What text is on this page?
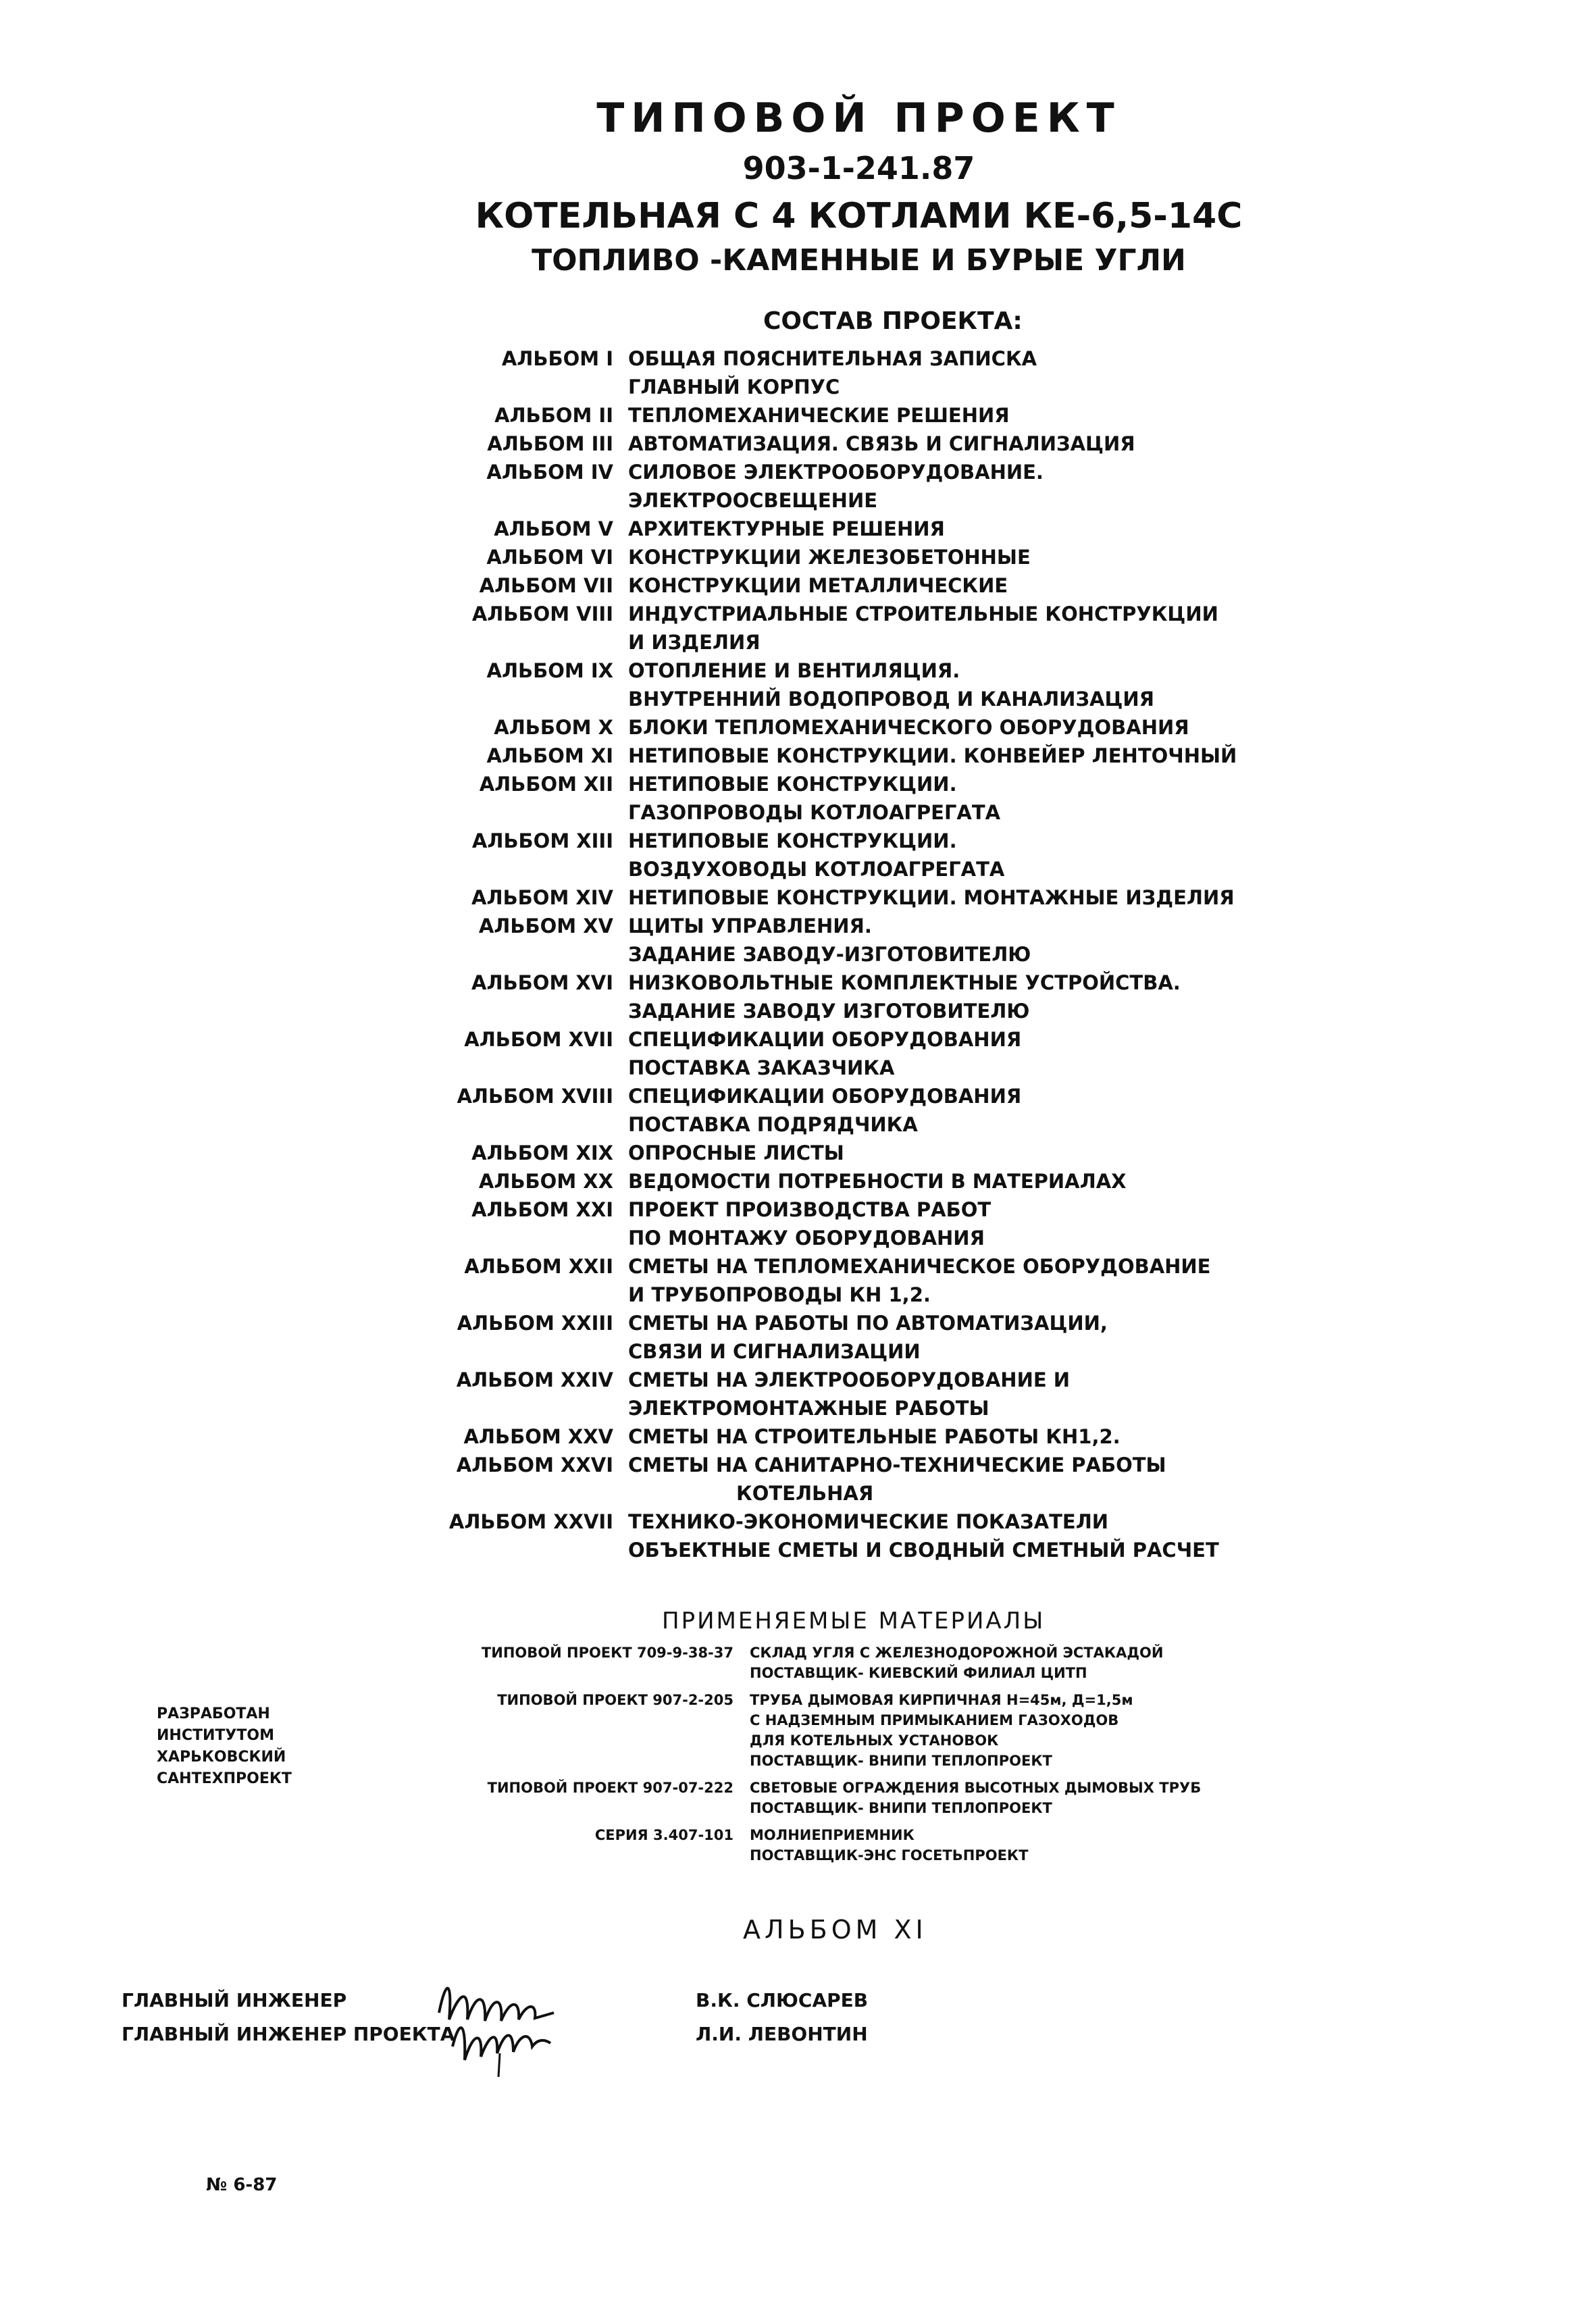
ТИПОВОЙ ПРОЕКТ
903-1-241.87
КОТЕЛЬНАЯ С 4 КОТЛАМИ КЕ-6,5-14С
ТОПЛИВО -КАМЕННЫЕ И БУРЫЕ УГЛИ
СОСТАВ ПРОЕКТА:
АЛЬБОМ I ОБЩАЯ ПОЯСНИТЕЛЬНАЯ ЗАПИСКА
ГЛАВНЫЙ КОРПУС
АЛЬБОМ II ТЕПЛОМЕХАНИЧЕСКИЕ РЕШЕНИЯ
АЛЬБОМ III АВТОМАТИЗАЦИЯ. СВЯЗЬ И СИГНАЛИЗАЦИЯ
АЛЬБОМ IV СИЛОВОЕ ЭЛЕКТРООБОРУДОВАНИЕ.
ЭЛЕКТРООСВЕЩЕНИЕ
АЛЬБОМ V АРХИТЕКТУРНЫЕ РЕШЕНИЯ
АЛЬБОМ VI КОНСТРУКЦИИ ЖЕЛЕЗОБЕТОННЫЕ
АЛЬБОМ VII КОНСТРУКЦИИ МЕТАЛЛИЧЕСКИЕ
АЛЬБОМ VIII ИНДУСТРИАЛЬНЫЕ СТРОИТЕЛЬНЫЕ КОНСТРУКЦИИ
И ИЗДЕЛИЯ
АЛЬБОМ IX ОТОПЛЕНИЕ И ВЕНТИЛЯЦИЯ.
ВНУТРЕННИЙ ВОДОПРОВОД И КАНАЛИЗАЦИЯ
АЛЬБОМ X БЛОКИ ТЕПЛОМЕХАНИЧЕСКОГО ОБОРУДОВАНИЯ
АЛЬБОМ XI НЕТИПОВЫЕ КОНСТРУКЦИИ. КОНВЕЙЕР ЛЕНТОЧНЫЙ
АЛЬБОМ XII НЕТИПОВЫЕ КОНСТРУКЦИИ.
ГАЗОПРОВОДЫ КОТЛОАГРЕГАТА
АЛЬБОМ XIII НЕТИПОВЫЕ КОНСТРУКЦИИ.
ВОЗДУХОВОДЫ КОТЛОАГРЕГАТА
АЛЬБОМ XIV НЕТИПОВЫЕ КОНСТРУКЦИИ. МОНТАЖНЫЕ ИЗДЕЛИЯ
АЛЬБОМ XV ЩИТЫ УПРАВЛЕНИЯ.
ЗАДАНИЕ ЗАВОДУ-ИЗГОТОВИТЕЛЮ
АЛЬБОМ XVI НИЗКОВОЛЬТНЫЕ КОМПЛЕКТНЫЕ УСТРОЙСТВА.
ЗАДАНИЕ ЗАВОДУ ИЗГОТОВИТЕЛЮ
АЛЬБОМ XVII СПЕЦИФИКАЦИИ ОБОРУДОВАНИЯ
ПОСТАВКА ЗАКАЗЧИКА
АЛЬБОМ XVIII СПЕЦИФИКАЦИИ ОБОРУДОВАНИЯ
ПОСТАВКА ПОДРЯДЧИКА
АЛЬБОМ XIX ОПРОСНЫЕ ЛИСТЫ
АЛЬБОМ XX ВЕДОМОСТИ ПОТРЕБНОСТИ В МАТЕРИАЛАХ
АЛЬБОМ XXI ПРОЕКТ ПРОИЗВОДСТВА РАБОТ
ПО МОНТАЖУ ОБОРУДОВАНИЯ
АЛЬБОМ XXII СМЕТЫ НА ТЕПЛОМЕХАНИЧЕСКОЕ ОБОРУДОВАНИЕ
И ТРУБОПРОВОДЫ КН 1,2.
АЛЬБОМ XXIII СМЕТЫ НА РАБОТЫ ПО АВТОМАТИЗАЦИИ,
СВЯЗИ И СИГНАЛИЗАЦИИ
АЛЬБОМ XXIV СМЕТЫ НА ЭЛЕКТРООБОРУДОВАНИЕ И
ЭЛЕКТРОМОНТАЖНЫЕ РАБОТЫ
АЛЬБОМ XXV СМЕТЫ НА СТРОИТЕЛЬНЫЕ РАБОТЫ КН1,2.
АЛЬБОМ XXVI СМЕТЫ НА САНИТАРНО-ТЕХНИЧЕСКИЕ РАБОТЫ
КОТЕЛЬНАЯ
АЛЬБОМ XXVII ТЕХНИКО-ЭКОНОМИЧЕСКИЕ ПОКАЗАТЕЛИ
ОБЪЕКТНЫЕ СМЕТЫ И СВОДНЫЙ СМЕТНЫЙ РАСЧЕТ
ПРИМЕНЯЕМЫЕ МАТЕРИАЛЫ
ТИПОВОЙ ПРОЕКТ 709-9-38-37	СКЛАД УГЛЯ С ЖЕЛЕЗНОДОРОЖНОЙ ЭСТАКАДОЙ
ПОСТАВЩИК- КИЕВСКИЙ ФИЛИАЛ ЦИТП
ТИПОВОЙ ПРОЕКТ 907-2-205	ТРУБА ДЫМОВАЯ КИРПИЧНАЯ Н=45м, Д=1,5м
С НАДЗЕМНЫМ ПРИМЫКАНИЕМ ГАЗОХОДОВ
ДЛЯ КОТЕЛЬНЫХ УСТАНОВОК
ПОСТАВЩИК- ВНИПИ ТЕПЛОПРОЕКТ
ТИПОВОЙ ПРОЕКТ 907-07-222	СВЕТОВЫЕ ОГРАЖДЕНИЯ ВЫСОТНЫХ ДЫМОВЫХ ТРУБ
ПОСТАВЩИК- ВНИПИ ТЕПЛОПРОЕКТ
СЕРИЯ 3.407-101	МОЛНИЕПРИЕМНИК
ПОСТАВЩИК-ЭНС ГОСЕТЬПРОЕКТ
РАЗРАБОТАН
ИНСТИТУТОМ
ХАРЬКОВСКИЙ
САНТЕХПРОЕКТ
АЛЬБОМ XI
ГЛАВНЫЙ ИНЖЕНЕР	В.К. СЛЮСАРЕВ
ГЛАВНЫЙ ИНЖЕНЕР ПРОЕКТА	Л.И. ЛЕВОНТИН
№ 6-87
